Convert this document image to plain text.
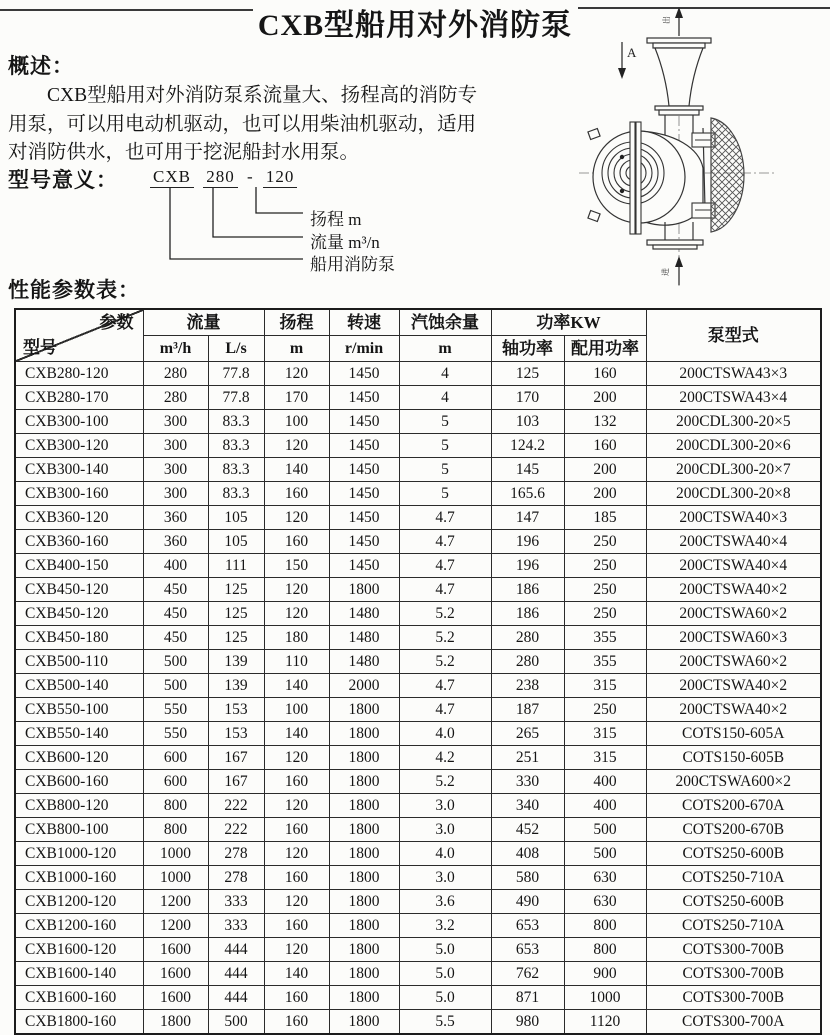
CXB型船用对外消防泵
概述：
CXB型船用对外消防泵系流量大、扬程高的消防专
用泵，可以用电动机驱动，也可以用柴油机驱动，适用
对消防供水，也可用于挖泥船封水用泵。
型号意义： CXB 280 - 120
扬程 m
流量 m³/n
船用消防泵
出
A
进
性能参数表：
参数
型号	流量		扬程	转速	汽蚀余量	功率KW		泵型式
	m³/h	L/s	m	r/min	m	轴功率	配用功率	
CXB280-120	280	77.8	120	1450	4	125	160	200CTSWA43×3
CXB280-170	280	77.8	170	1450	4	170	200	200CTSWA43×4
CXB300-100	300	83.3	100	1450	5	103	132	200CDL300-20×5
CXB300-120	300	83.3	120	1450	5	124.2	160	200CDL300-20×6
CXB300-140	300	83.3	140	1450	5	145	200	200CDL300-20×7
CXB300-160	300	83.3	160	1450	5	165.6	200	200CDL300-20×8
CXB360-120	360	105	120	1450	4.7	147	185	200CTSWA40×3
CXB360-160	360	105	160	1450	4.7	196	250	200CTSWA40×4
CXB400-150	400	111	150	1450	4.7	196	250	200CTSWA40×4
CXB450-120	450	125	120	1800	4.7	186	250	200CTSWA40×2
CXB450-120	450	125	120	1480	5.2	186	250	200CTSWA60×2
CXB450-180	450	125	180	1480	5.2	280	355	200CTSWA60×3
CXB500-110	500	139	110	1480	5.2	280	355	200CTSWA60×2
CXB500-140	500	139	140	2000	4.7	238	315	200CTSWA40×2
CXB550-100	550	153	100	1800	4.7	187	250	200CTSWA40×2
CXB550-140	550	153	140	1800	4.0	265	315	COTS150-605A
CXB600-120	600	167	120	1800	4.2	251	315	COTS150-605B
CXB600-160	600	167	160	1800	5.2	330	400	200CTSWA600×2
CXB800-120	800	222	120	1800	3.0	340	400	COTS200-670A
CXB800-100	800	222	160	1800	3.0	452	500	COTS200-670B
CXB1000-120	1000	278	120	1800	4.0	408	500	COTS250-600B
CXB1000-160	1000	278	160	1800	3.0	580	630	COTS250-710A
CXB1200-120	1200	333	120	1800	3.6	490	630	COTS250-600B
CXB1200-160	1200	333	160	1800	3.2	653	800	COTS250-710A
CXB1600-120	1600	444	120	1800	5.0	653	800	COTS300-700B
CXB1600-140	1600	444	140	1800	5.0	762	900	COTS300-700B
CXB1600-160	1600	444	160	1800	5.0	871	1000	COTS300-700B
CXB1800-160	1800	500	160	1800	5.5	980	1120	COTS300-700A
